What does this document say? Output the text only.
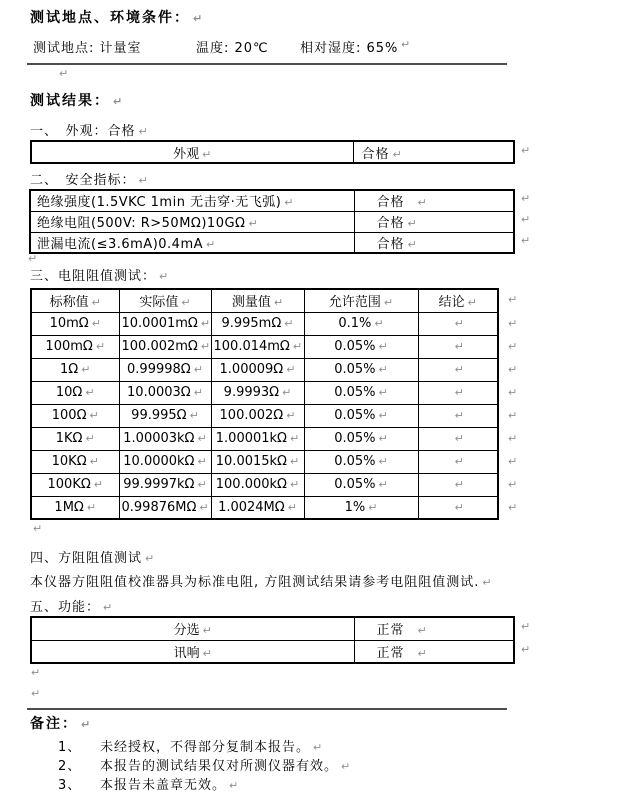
测试地点、环境条件： ↵
测试地点: 计量室	温度: 20℃ 相对湿度: 65% ↵
↵
测试结果： ↵
一、　外观：合格 ↵
外观 ↵	合格 ↵	↵
二、　安全指标： ↵
绝缘强度(1.5VKC 1min 无击穿·无飞弧) ↵	合格 ↵
绝缘电阻(500V: R>50MΩ)10GΩ ↵	合格 ↵
泄漏电流(≤3.6mA)0.4mA ↵	合格 ↵
↵
↵
↵
↵
三、电阻阻值测试： ↵
标称值 ↵	实际值 ↵	测量值 ↵	允许范围 ↵	结论 ↵
10mΩ ↵	10.0001mΩ ↵	9.995mΩ ↵	0.1% ↵	↵
100mΩ ↵	100.002mΩ ↵	100.014mΩ ↵	0.05% ↵	↵
1Ω ↵	0.99998Ω ↵	1.00009Ω ↵	0.05% ↵	↵
10Ω ↵	10.0003Ω ↵	9.9993Ω ↵	0.05% ↵	↵
100Ω ↵	99.995Ω ↵	100.002Ω ↵	0.05% ↵	↵
1KΩ ↵	1.00003kΩ ↵	1.00001kΩ ↵	0.05% ↵	↵
10KΩ ↵	10.0000kΩ ↵	10.0015kΩ ↵	0.05% ↵	↵
100KΩ ↵	99.9997kΩ ↵	100.000kΩ ↵	0.05% ↵	↵
1MΩ ↵	0.99876MΩ ↵	1.0024MΩ ↵	1% ↵	↵
↵
↵
↵
↵
↵
↵
↵
↵
↵
↵
↵
四、方阻阻值测试 ↵
本仪器方阻阻值校准器具为标准电阻, 方阻测试结果请参考电阻阻值测试. ↵
五、功能： ↵
分选 ↵	正常 ↵
讯响 ↵	正常 ↵
↵
↵
↵
↵
备注： ↵
1、 未经授权，不得部分复制本报告。 ↵
2、 本报告的测试结果仅对所测仪器有效。 ↵
3、 本报告未盖章无效。 ↵
